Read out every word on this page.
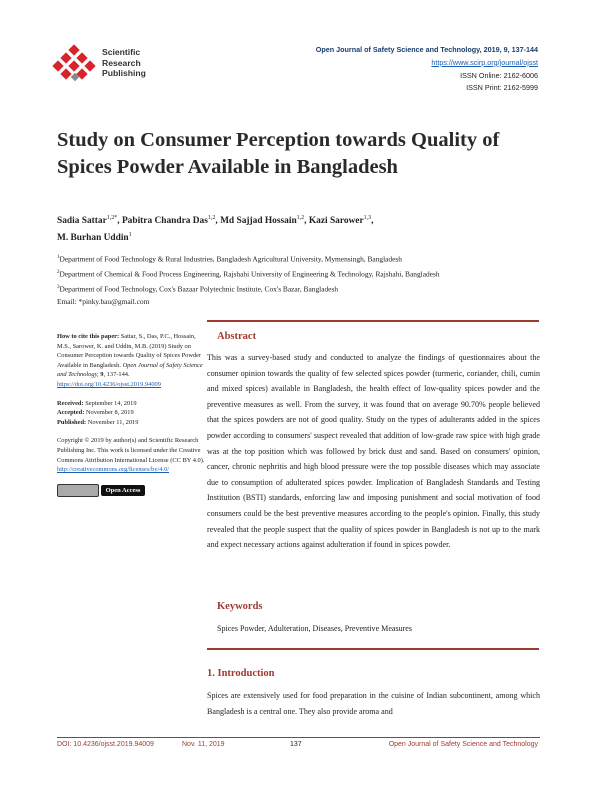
Scientific
Research
Publishing
Open Journal of Safety Science and Technology, 2019, 9, 137-144
https://www.scirp.org/journal/ojsst
ISSN Online: 2162-6006
ISSN Print: 2162-5999
Study on Consumer Perception towards Quality of Spices Powder Available in Bangladesh
Sadia Sattar$^{1,2*}$, Pabitra Chandra Das$^{1,2}$, Md Sajjad Hossain$^{1,2}$, Kazi Sarower$^{1,3}$,
M. Burhan Uddin$^1$
$^1$Department of Food Technology & Rural Industries, Bangladesh Agricultural University, Mymensingh, Bangladesh
$^2$Department of Chemical & Food Process Engineering, Rajshahi University of Engineering & Technology, Rajshahi, Bangladesh
$^3$Department of Food Technology, Cox's Bazaar Polytechnic Institute, Cox's Bazar, Bangladesh
Email: *pinky.bau@gmail.com

How to cite this paper: Sattar, S., Das, P.C., Hossain, M.S., Sarower, K. and Uddin, M.B. (2019) Study on Consumer Perception towards Quality of Spices Powder Available in Bangladesh. Open Journal of Safety Science and Technology, 9, 137-144.
https://doi.org/10.4236/ojsst.2019.94009

Received: September 14, 2019
Accepted: November 8, 2019
Published: November 11, 2019

Copyright © 2019 by author(s) and Scientific Research Publishing Inc. This work is licensed under the Creative Commons Attribution International License (CC BY 4.0).
http://creativecommons.org/licenses/by/4.0/

Open Access
Abstract
This was a survey-based study and conducted to analyze the findings of questionnaires about the consumer opinion towards the quality of few selected spices powder (turmeric, coriander, chili, cumin and mixed spices) available in Bangladesh, the health effect of low-quality spices powder and the preventive measures as well. From the survey, it was found that on average 90.70% people believed that the spices powders are not of good quality. Study on the types of adulterants added in the spices powder according to consumers' suspect revealed that addition of low-grade raw spice with high grade was at the top position which was followed by brick dust and sand. Based on consumers' opinion, cancer, chronic nephritis and high blood pressure were the top possible diseases which may associate due to consumption of adulterated spices powder. Implication of Bangladesh Standards and Testing Institution (BSTI) standards, enforcing law and imposing punishment and social motivation of food consumers could be the best preventive measures according to the people's opinion. Finally, this study revealed that the people suspect that the quality of spices powder in Bangladesh is not up to the mark and expect necessary actions against adulteration if found in spices powder.
Keywords
Spices Powder, Adulteration, Diseases, Preventive Measures
1. Introduction
Spices are extensively used for food preparation in the cuisine of Indian subcontinent, among which Bangladesh is a central one. They also provide aroma and
DOI: 10.4236/ojsst.2019.94009	Nov. 11, 2019	137	Open Journal of Safety Science and Technology
